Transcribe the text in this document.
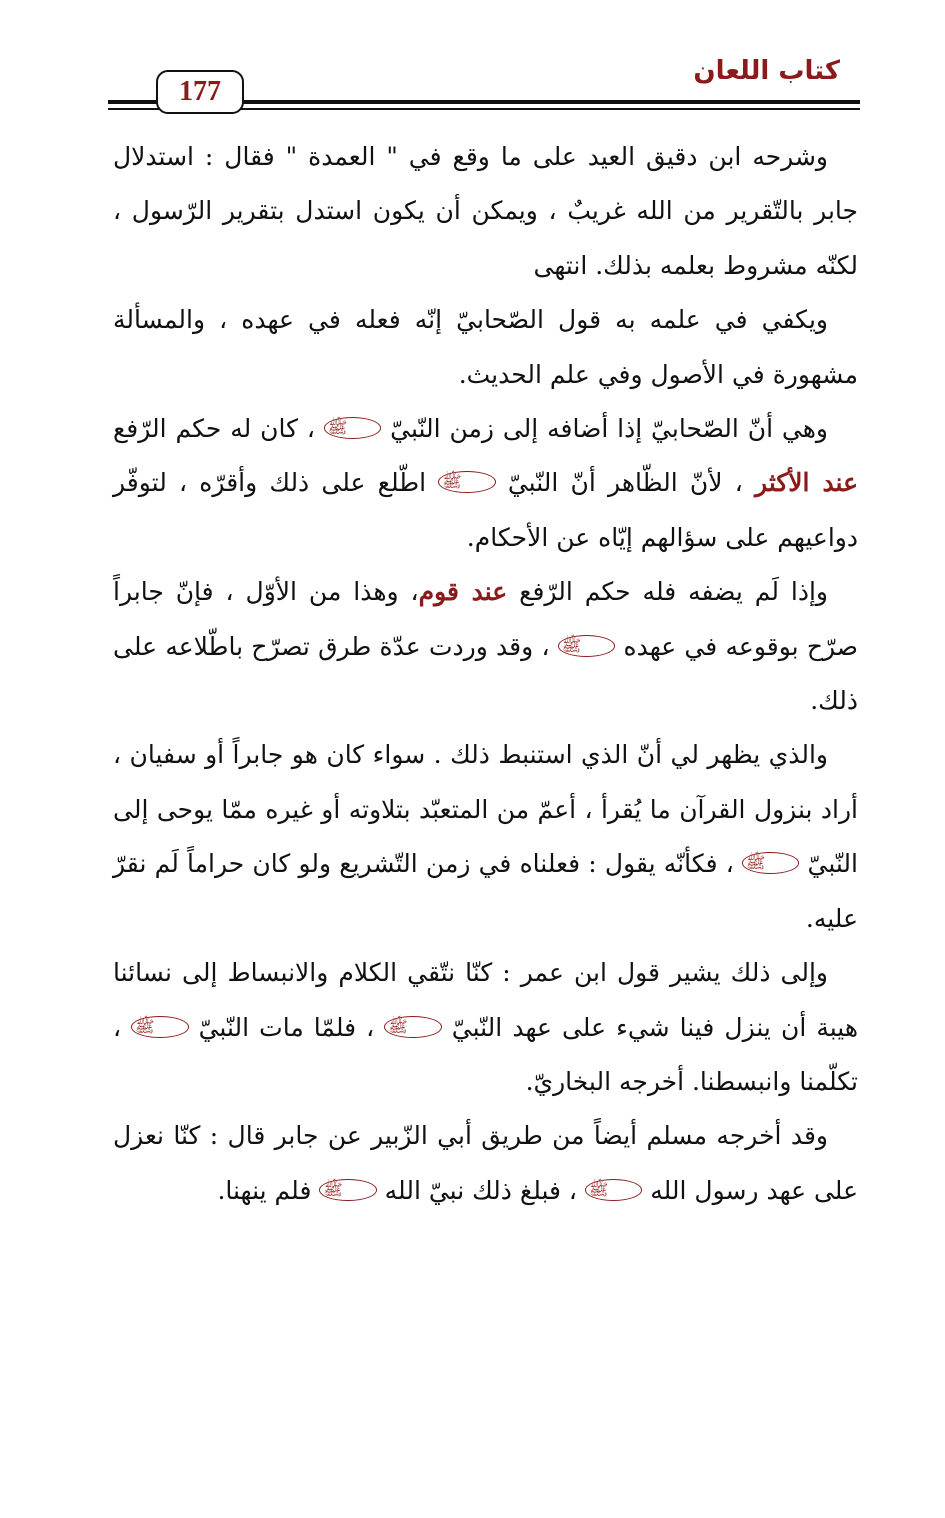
كتاب اللعان
177

وشرحه ابن دقيق العيد على ما وقع في " العمدة " فقال : استدلال جابر بالتّقرير من الله غريبٌ ، ويمكن أن يكون استدل بتقرير الرّسول ، لكنّه مشروط بعلمه بذلك. انتهى

ويكفي في علمه به قول الصّحابيّ إنّه فعله في عهده ، والمسألة مشهورة في الأصول وفي علم الحديث.

وهي أنّ الصّحابيّ إذا أضافه إلى زمن النّبيّ ﷺ ، كان له حكم الرّفع عند الأكثر ، لأنّ الظّاهر أنّ النّبيّ ﷺ اطّلع على ذلك وأقرّه ، لتوفّر دواعيهم على سؤالهم إيّاه عن الأحكام.

وإذا لَم يضفه فله حكم الرّفع عند قوم، وهذا من الأوّل ، فإنّ جابراً صرّح بوقوعه في عهده ﷺ ، وقد وردت عدّة طرق تصرّح باطّلاعه على ذلك.

والذي يظهر لي أنّ الذي استنبط ذلك . سواء كان هو جابراً أو سفيان ، أراد بنزول القرآن ما يُقرأ ، أعمّ من المتعبّد بتلاوته أو غيره ممّا يوحى إلى النّبيّ ﷺ ، فكأنّه يقول : فعلناه في زمن التّشريع ولو كان حراماً لَم نقرّ عليه.

وإلى ذلك يشير قول ابن عمر : كنّا نتّقي الكلام والانبساط إلى نسائنا هيبة أن ينزل فينا شيء على عهد النّبيّ ﷺ ، فلمّا مات النّبيّ ﷺ ، تكلّمنا وانبسطنا. أخرجه البخاريّ.

وقد أخرجه مسلم أيضاً من طريق أبي الزّبير عن جابر قال : كنّا نعزل على عهد رسول الله ﷺ ، فبلغ ذلك نبيّ الله ﷺ فلم ينهنا.
